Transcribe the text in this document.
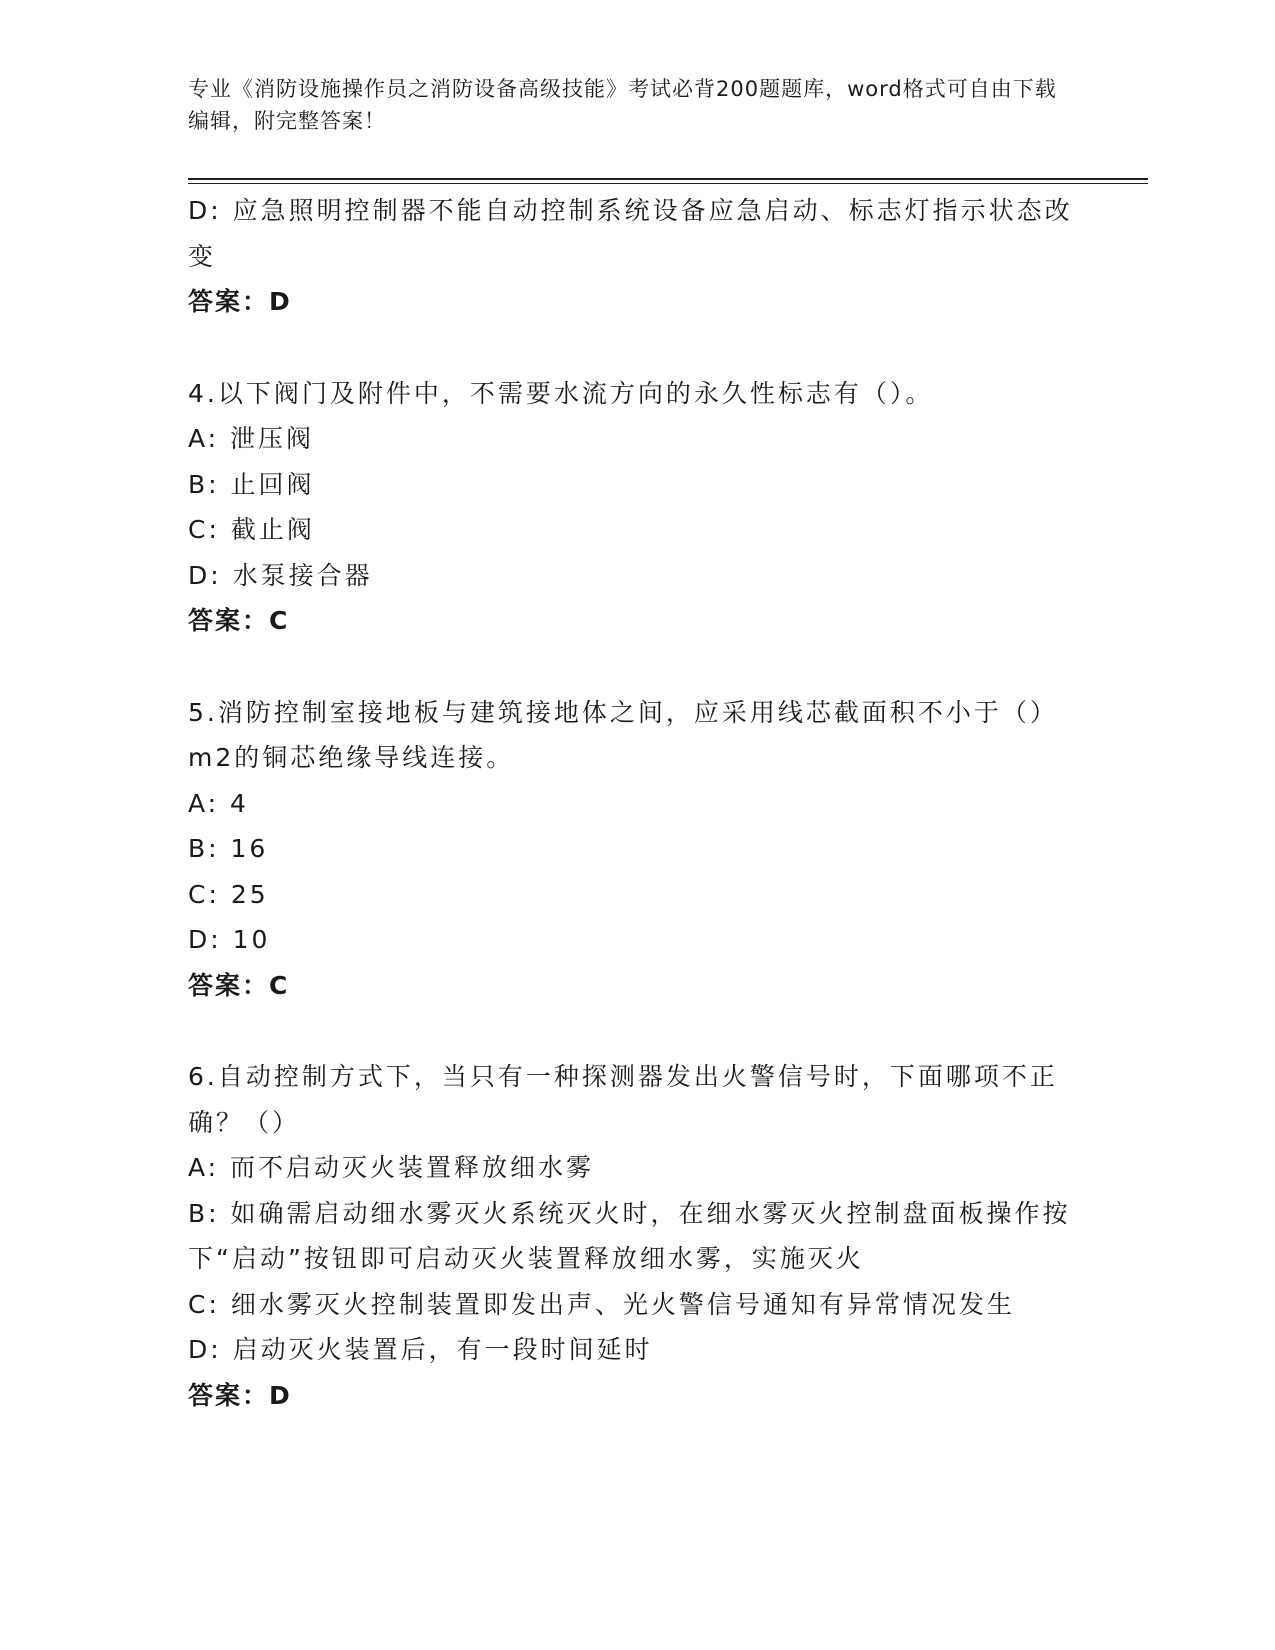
专业《消防设施操作员之消防设备高级技能》考试必背200题题库，word格式可自由下载编辑，附完整答案！
D: 应急照明控制器不能自动控制系统设备应急启动、标志灯指示状态改变
答案：D
4.以下阀门及附件中，不需要水流方向的永久性标志有（）。
A: 泄压阀
B: 止回阀
C: 截止阀
D: 水泵接合器
答案：C
5.消防控制室接地板与建筑接地体之间，应采用线芯截面积不小于（）m2的铜芯绝缘导线连接。
A: 4
B: 16
C: 25
D: 10
答案：C
6.自动控制方式下，当只有一种探测器发出火警信号时，下面哪项不正确？（）
A: 而不启动灭火装置释放细水雾
B: 如确需启动细水雾灭火系统灭火时，在细水雾灭火控制盘面板操作按下“启动”按钮即可启动灭火装置释放细水雾，实施灭火
C: 细水雾灭火控制装置即发出声、光火警信号通知有异常情况发生
D: 启动灭火装置后，有一段时间延时
答案：D
